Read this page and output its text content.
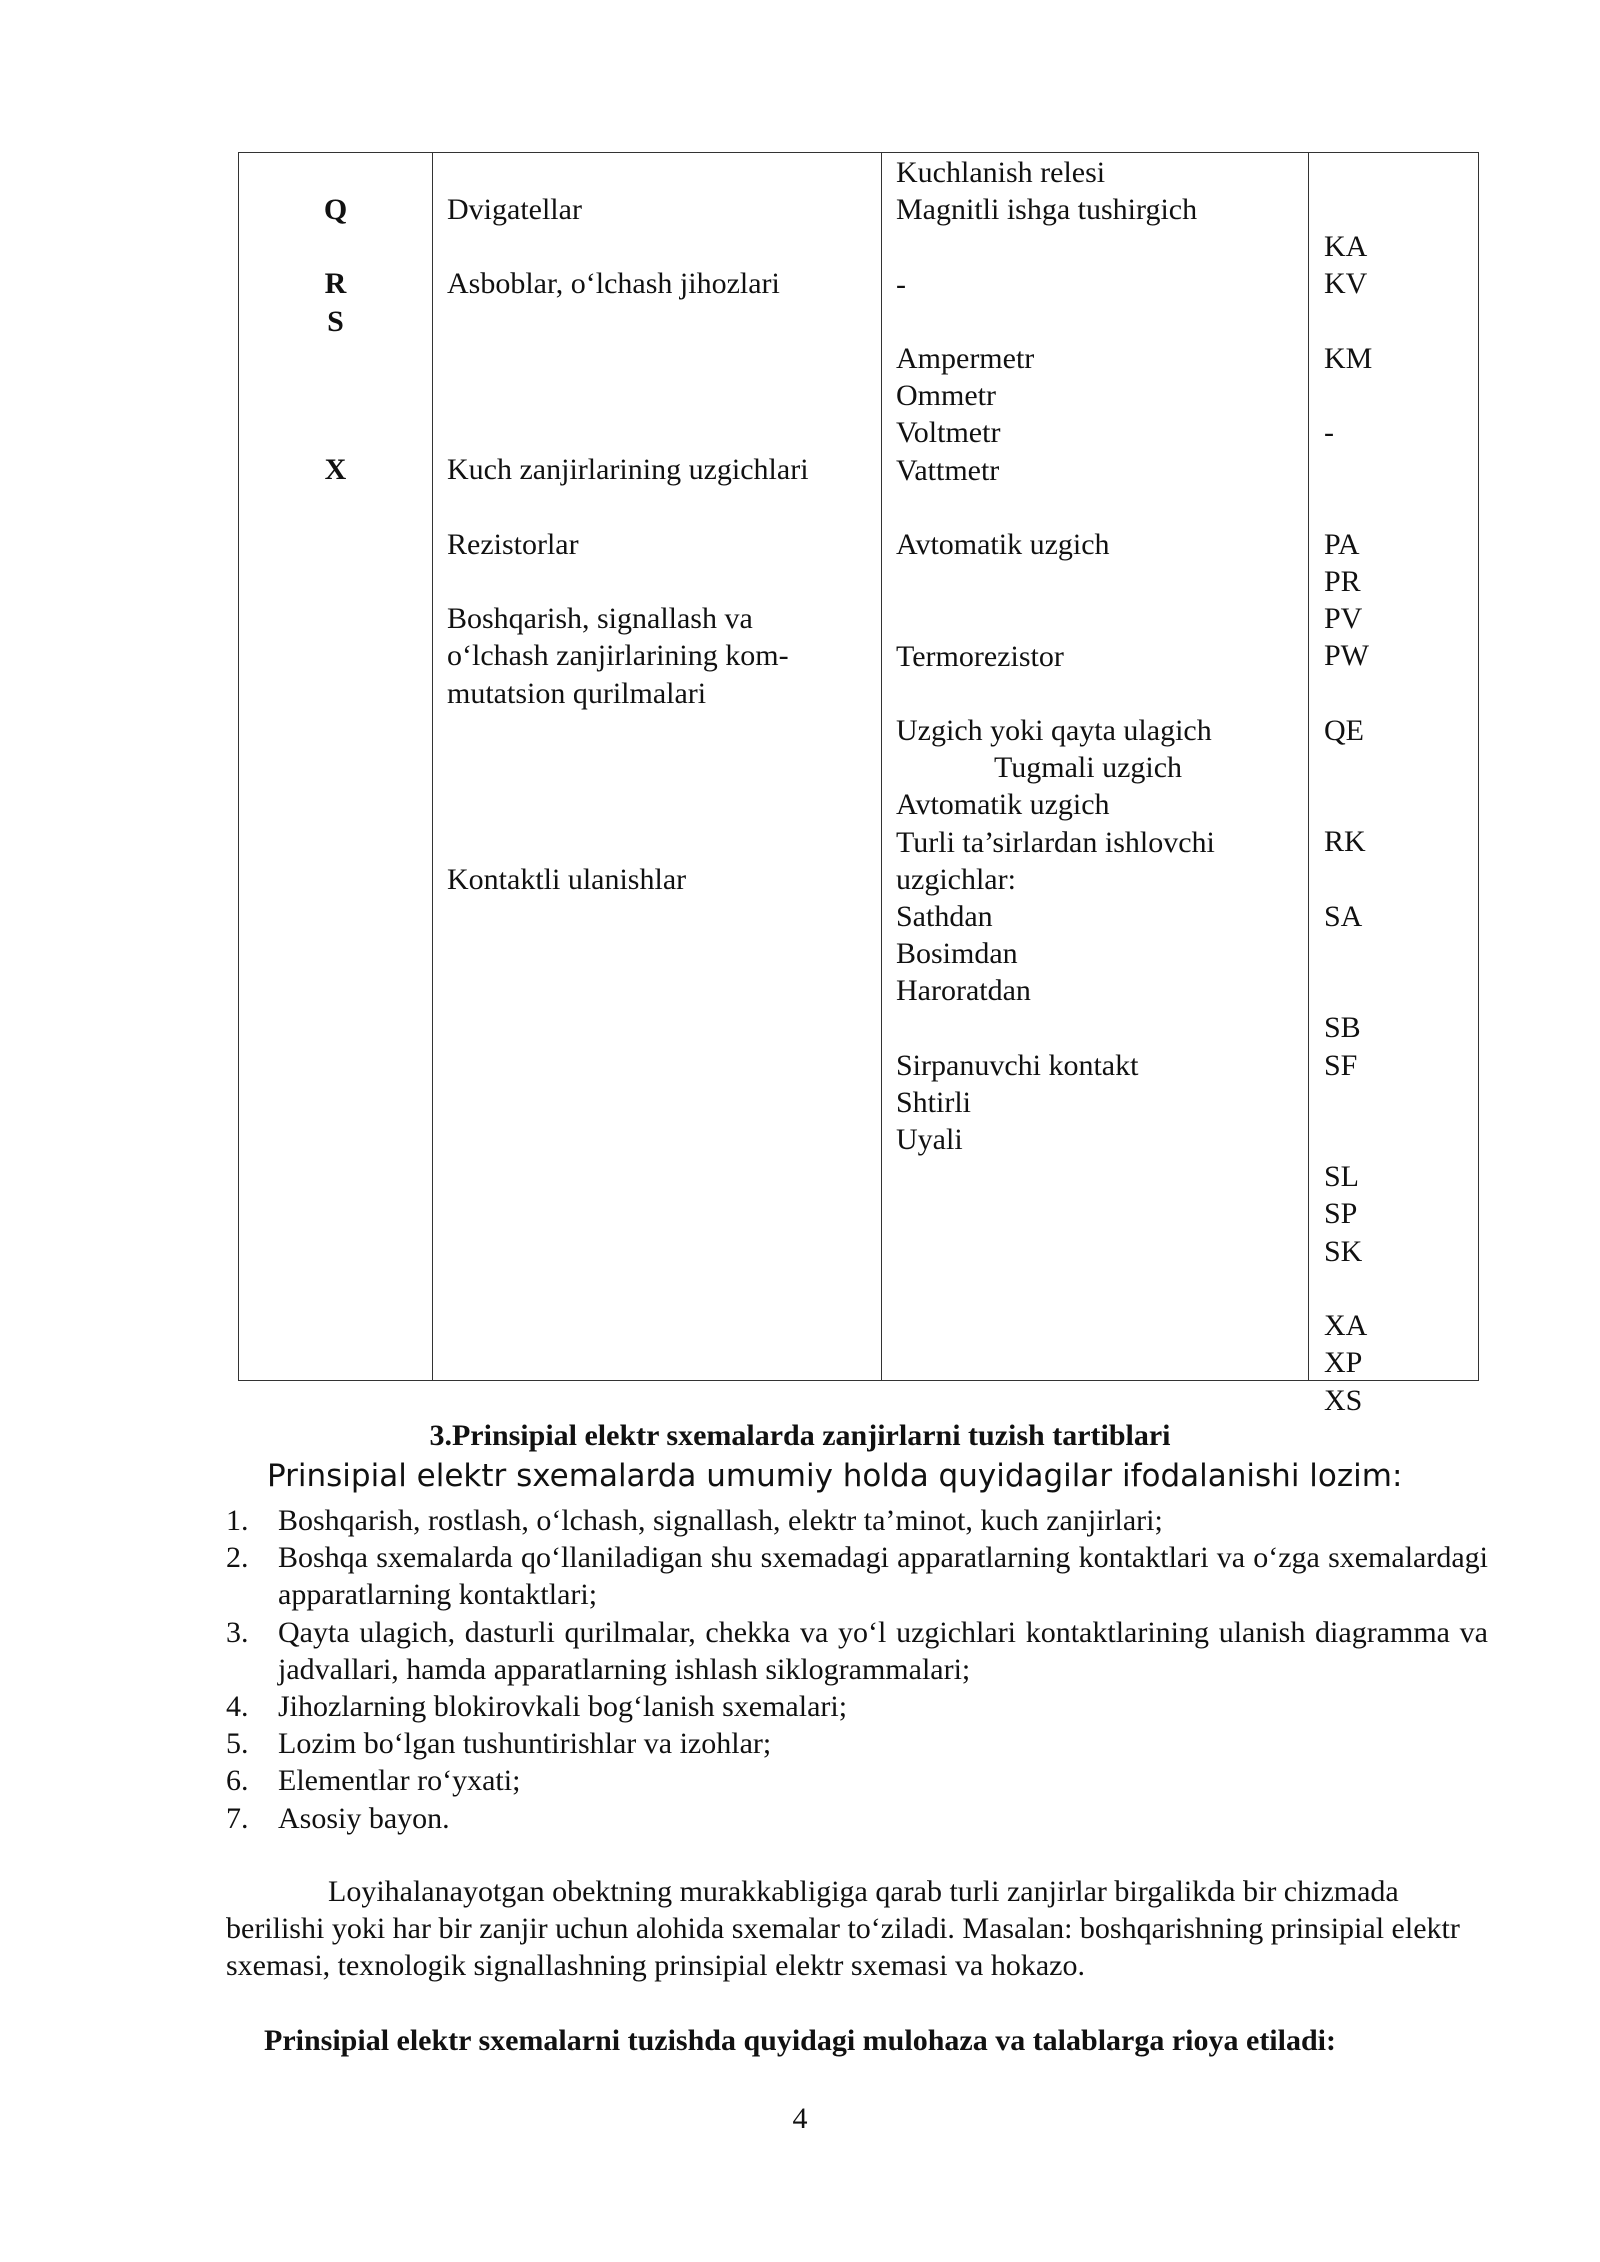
Q

R
S

X
Dvigatellar

Asboblar, o‘lchash jihozlari

Kuch zanjirlarining uzgichlari

Rezistorlar

Boshqarish, signallash va
o‘lchash zanjirlarining kom-
mutatsion qurilmalari

Kontaktli ulanishlar
Kuchlanish relesi
Magnitli ishga tushirgich

-

Ampermetr
Ommetr
Voltmetr
Vattmetr

Avtomatik uzgich

Termorezistor

Uzgich yoki qayta ulagich
Tugmali uzgich
Avtomatik uzgich
Turli ta’sirlardan ishlovchi
uzgichlar:
Sathdan
Bosimdan
Haroratdan

Sirpanuvchi kontakt
Shtirli
Uyali

KA
KV

KM

-

PA
PR
PV
PW

QE

RK

SA

SB
SF

SL
SP
SK

XA
XP
XS
3.Prinsipial elektr sxemalarda zanjirlarni tuzish tartiblari
Prinsipial elektr sxemalarda umumiy holda quyidagilar ifodalanishi lozim:
1. Boshqarish, rostlash, o‘lchash, signallash, elektr ta’minot, kuch zanjirlari;
2. Boshqa sxemalarda qo‘llaniladigan shu sxemadagi apparatlarning kontaktlari va o‘zga sxemalardagi apparatlarning kontaktlari;
3. Qayta ulagich, dasturli qurilmalar, chekka va yo‘l uzgichlari kontaktlarining ulanish diagramma va jadvallari, hamda apparatlarning ishlash siklogrammalari;
4. Jihozlarning blokirovkali bog‘lanish sxemalari;
5. Lozim bo‘lgan tushuntirishlar va izohlar;
6. Elementlar ro‘yxati;
7. Asosiy bayon.
Loyihalanayotgan obektning murakkabligiga qarab turli zanjirlar birgalikda bir chizmada berilishi yoki har bir zanjir uchun alohida sxemalar to‘ziladi. Masalan: boshqarishning prinsipial elektr sxemasi, texnologik signallashning prinsipial elektr sxemasi va hokazo.
Prinsipial elektr sxemalarni tuzishda quyidagi mulohaza va talablarga rioya etiladi:
4
